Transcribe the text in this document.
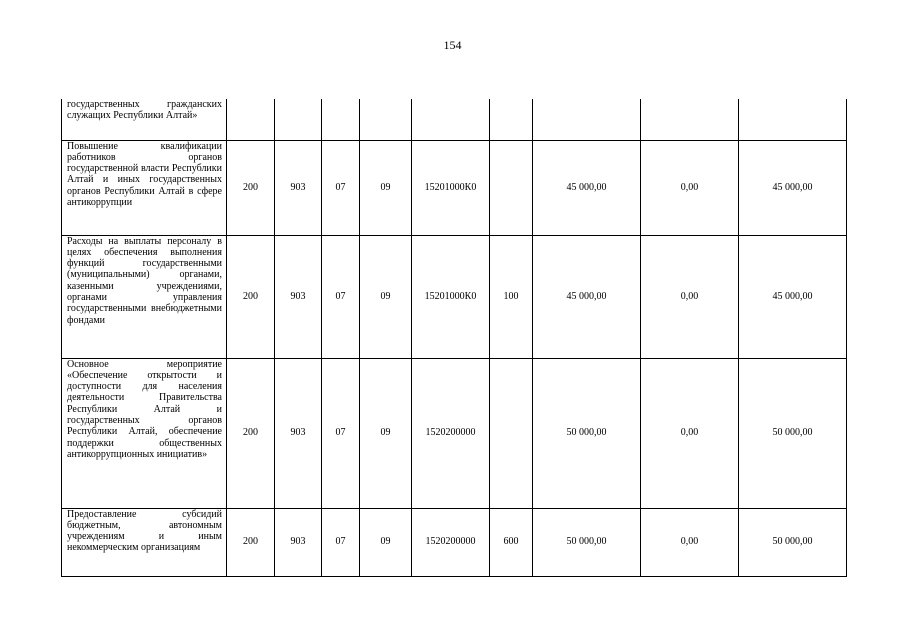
154
государственных гражданских служащих Республики Алтай»									
Повышение квалификации работников органов государственной власти Республики Алтай и иных государственных органов Республики Алтай в сфере антикоррупции	200	903	07	09	15201000К0		45 000,00	0,00	45 000,00
Расходы на выплаты персоналу в целях обеспечения выполнения функций государственными (муниципальными) органами, казенными учреждениями, органами управления государственными внебюджетными фондами	200	903	07	09	15201000К0	100	45 000,00	0,00	45 000,00
Основное мероприятие «Обеспечение открытости и доступности для населения деятельности Правительства Республики Алтай и государственных органов Республики Алтай, обеспечение поддержки общественных антикоррупционных инициатив»	200	903	07	09	1520200000		50 000,00	0,00	50 000,00
Предоставление субсидий бюджетным, автономным учреждениям и иным некоммерческим организациям	200	903	07	09	1520200000	600	50 000,00	0,00	50 000,00
